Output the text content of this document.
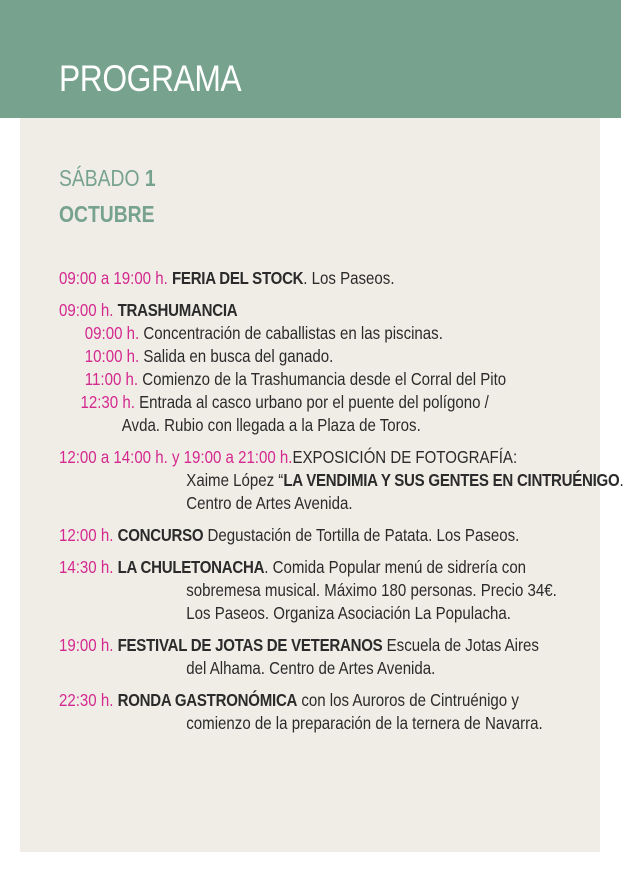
PROGRAMA
SÁBADO 1
OCTUBRE
09:00 a 19:00 h. FERIA DEL STOCK. Los Paseos.
09:00 h. TRASHUMANCIA
09:00 h. Concentración de caballistas en las piscinas.
10:00 h. Salida en busca del ganado.
11:00 h. Comienzo de la Trashumancia desde el Corral del Pito
12:30 h. Entrada al casco urbano por el puente del polígono /
Avda. Rubio con llegada a la Plaza de Toros.
12:00 a 14:00 h. y 19:00 a 21:00 h.EXPOSICIÓN DE FOTOGRAFÍA:
Xaime López “LA VENDIMIA Y SUS GENTES EN CINTRUÉNIGO.
Centro de Artes Avenida.
12:00 h. CONCURSO Degustación de Tortilla de Patata. Los Paseos.
14:30 h. LA CHULETONACHA. Comida Popular menú de sidrería con
sobremesa musical. Máximo 180 personas. Precio 34€.
Los Paseos. Organiza Asociación La Populacha.
19:00 h. FESTIVAL DE JOTAS DE VETERANOS Escuela de Jotas Aires
del Alhama. Centro de Artes Avenida.
22:30 h. RONDA GASTRONÓMICA con los Auroros de Cintruénigo y
comienzo de la preparación de la ternera de Navarra.
